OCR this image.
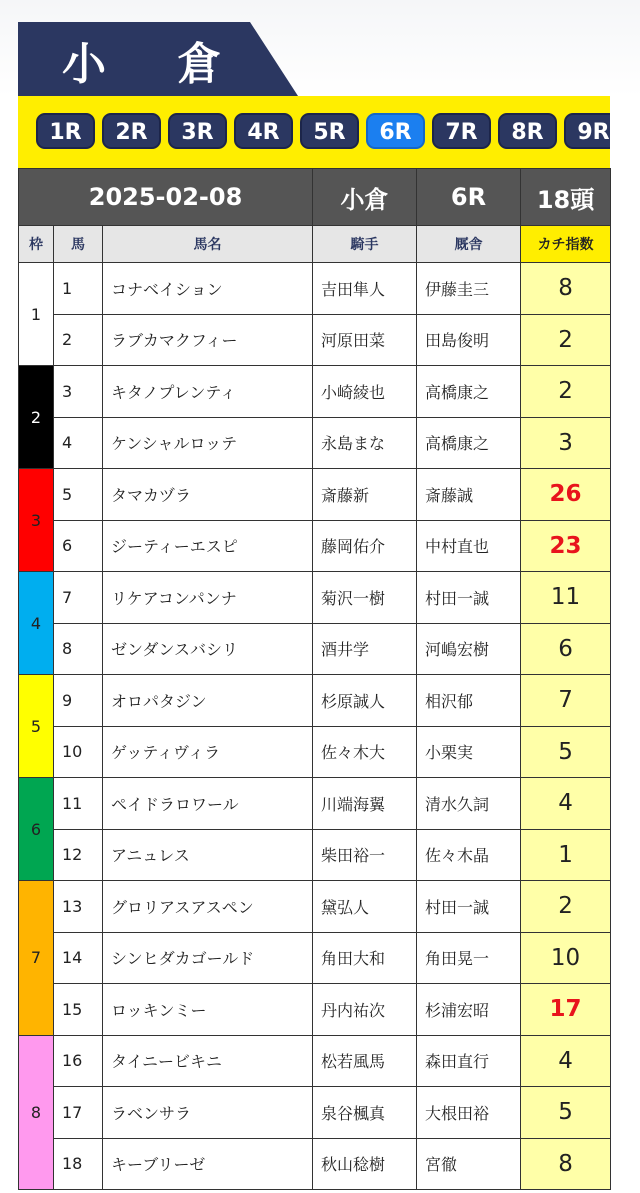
小 倉
1R	2R	3R	4R	5R	6R	7R	8R	9R
2025-02-08			小倉	6R	18頭
枠	馬	馬名	騎手	厩舎	カチ指数
1	1	コナベイション	吉田隼人	伊藤圭三	8
	2	ラブカマクフィー	河原田菜	田島俊明	2
2	3	キタノプレンティ	小崎綾也	高橋康之	2
	4	ケンシャルロッテ	永島まな	高橋康之	3
3	5	タマカヅラ	斎藤新	斎藤誠	26
	6	ジーティーエスピ	藤岡佑介	中村直也	23
4	7	リケアコンパンナ	菊沢一樹	村田一誠	11
	8	ゼンダンスバシリ	酒井学	河嶋宏樹	6
5	9	オロパタジン	杉原誠人	相沢郁	7
	10	ゲッティヴィラ	佐々木大	小栗実	5
6	11	ペイドラロワール	川端海翼	清水久詞	4
	12	アニュレス	柴田裕一	佐々木晶	1
7	13	グロリアスアスペン	黛弘人	村田一誠	2
	14	シンヒダカゴールド	角田大和	角田晃一	10
	15	ロッキンミー	丹内祐次	杉浦宏昭	17
8	16	タイニービキニ	松若風馬	森田直行	4
	17	ラベンサラ	泉谷楓真	大根田裕	5
	18	キーブリーゼ	秋山稔樹	宮徹	8
